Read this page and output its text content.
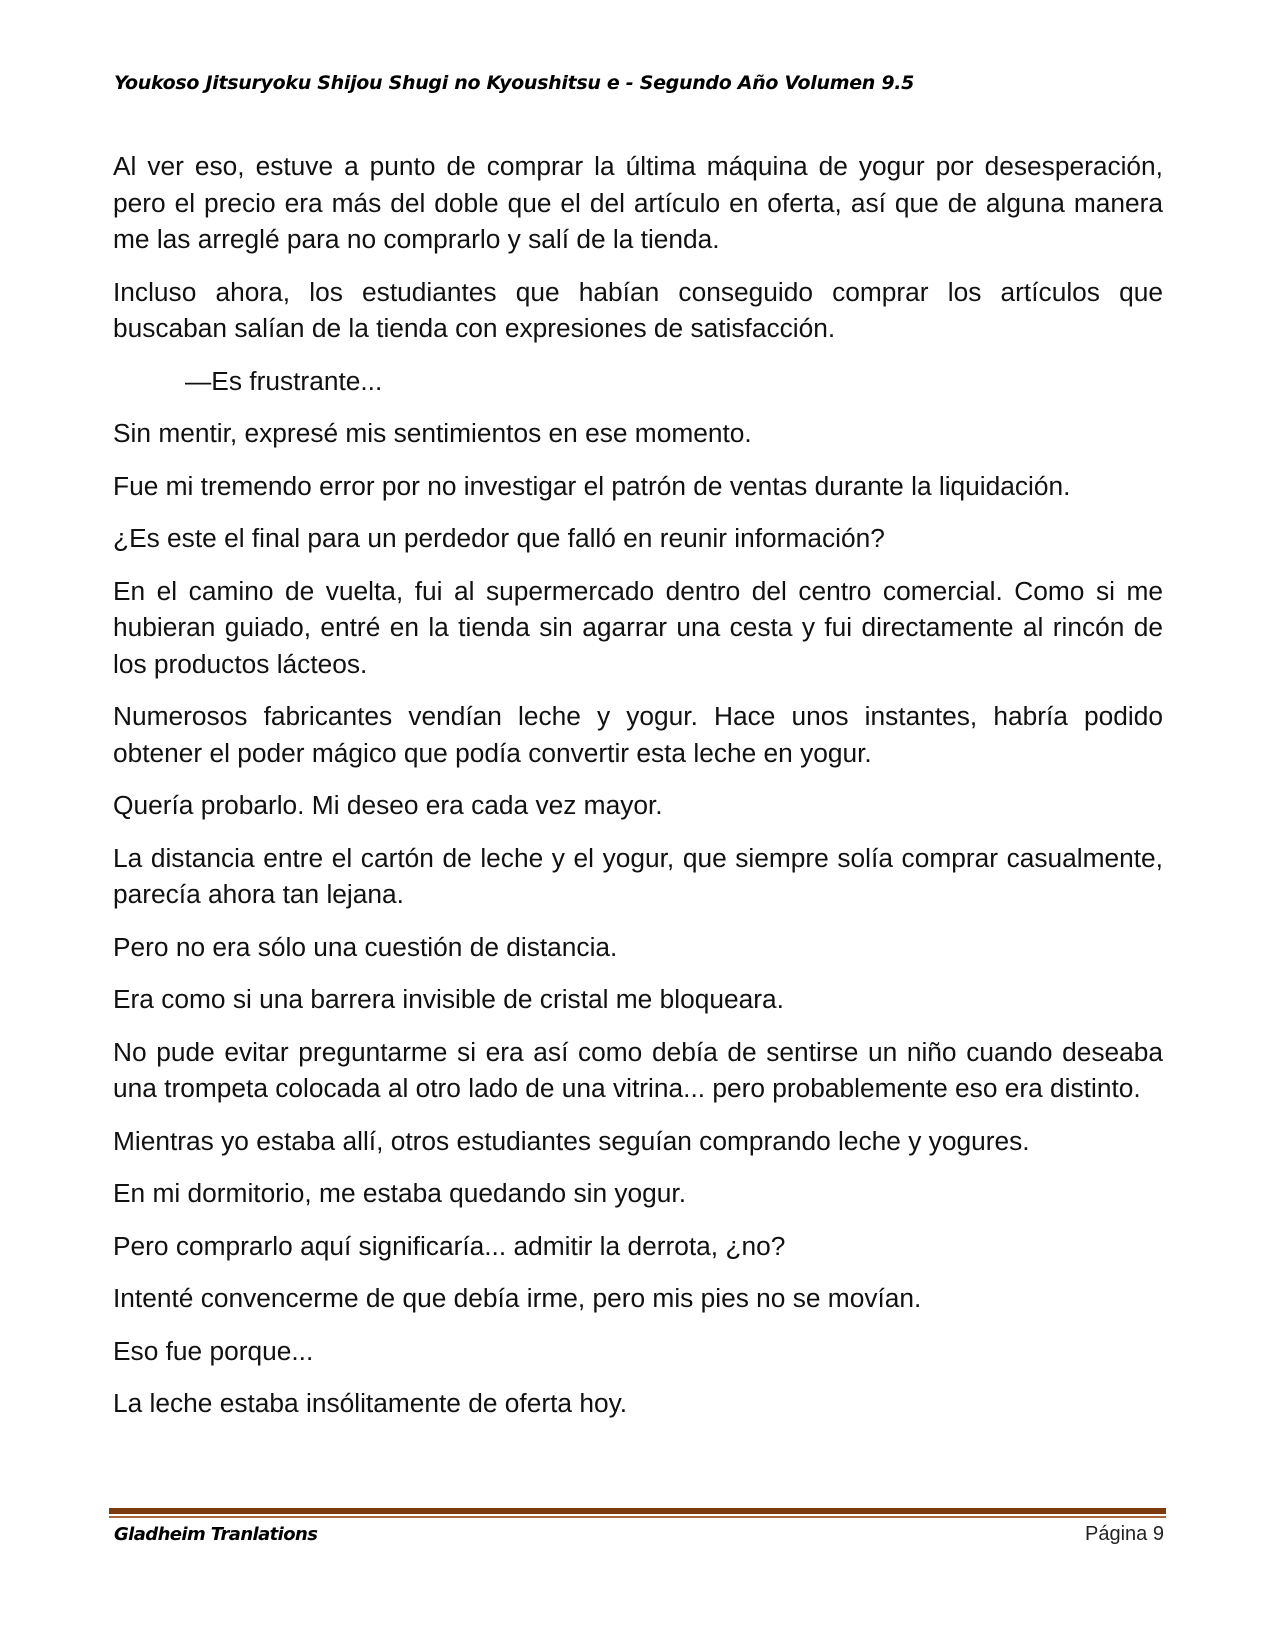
Youkoso Jitsuryoku Shijou Shugi no Kyoushitsu e - Segundo Año Volumen 9.5

Al ver eso, estuve a punto de comprar la última máquina de yogur por desesperación, pero el precio era más del doble que el del artículo en oferta, así que de alguna manera me las arreglé para no comprarlo y salí de la tienda.

Incluso ahora, los estudiantes que habían conseguido comprar los artículos que buscaban salían de la tienda con expresiones de satisfacción.

—Es frustrante...

Sin mentir, expresé mis sentimientos en ese momento.

Fue mi tremendo error por no investigar el patrón de ventas durante la liquidación.

¿Es este el final para un perdedor que falló en reunir información?

En el camino de vuelta, fui al supermercado dentro del centro comercial. Como si me hubieran guiado, entré en la tienda sin agarrar una cesta y fui directamente al rincón de los productos lácteos.

Numerosos fabricantes vendían leche y yogur. Hace unos instantes, habría podido obtener el poder mágico que podía convertir esta leche en yogur.

Quería probarlo. Mi deseo era cada vez mayor.

La distancia entre el cartón de leche y el yogur, que siempre solía comprar casualmente, parecía ahora tan lejana.

Pero no era sólo una cuestión de distancia.

Era como si una barrera invisible de cristal me bloqueara.

No pude evitar preguntarme si era así como debía de sentirse un niño cuando deseaba una trompeta colocada al otro lado de una vitrina... pero probablemente eso era distinto.

Mientras yo estaba allí, otros estudiantes seguían comprando leche y yogures.

En mi dormitorio, me estaba quedando sin yogur.

Pero comprarlo aquí significaría... admitir la derrota, ¿no?

Intenté convencerme de que debía irme, pero mis pies no se movían.

Eso fue porque...

La leche estaba insólitamente de oferta hoy.

Gladheim Tranlations	Página 9
